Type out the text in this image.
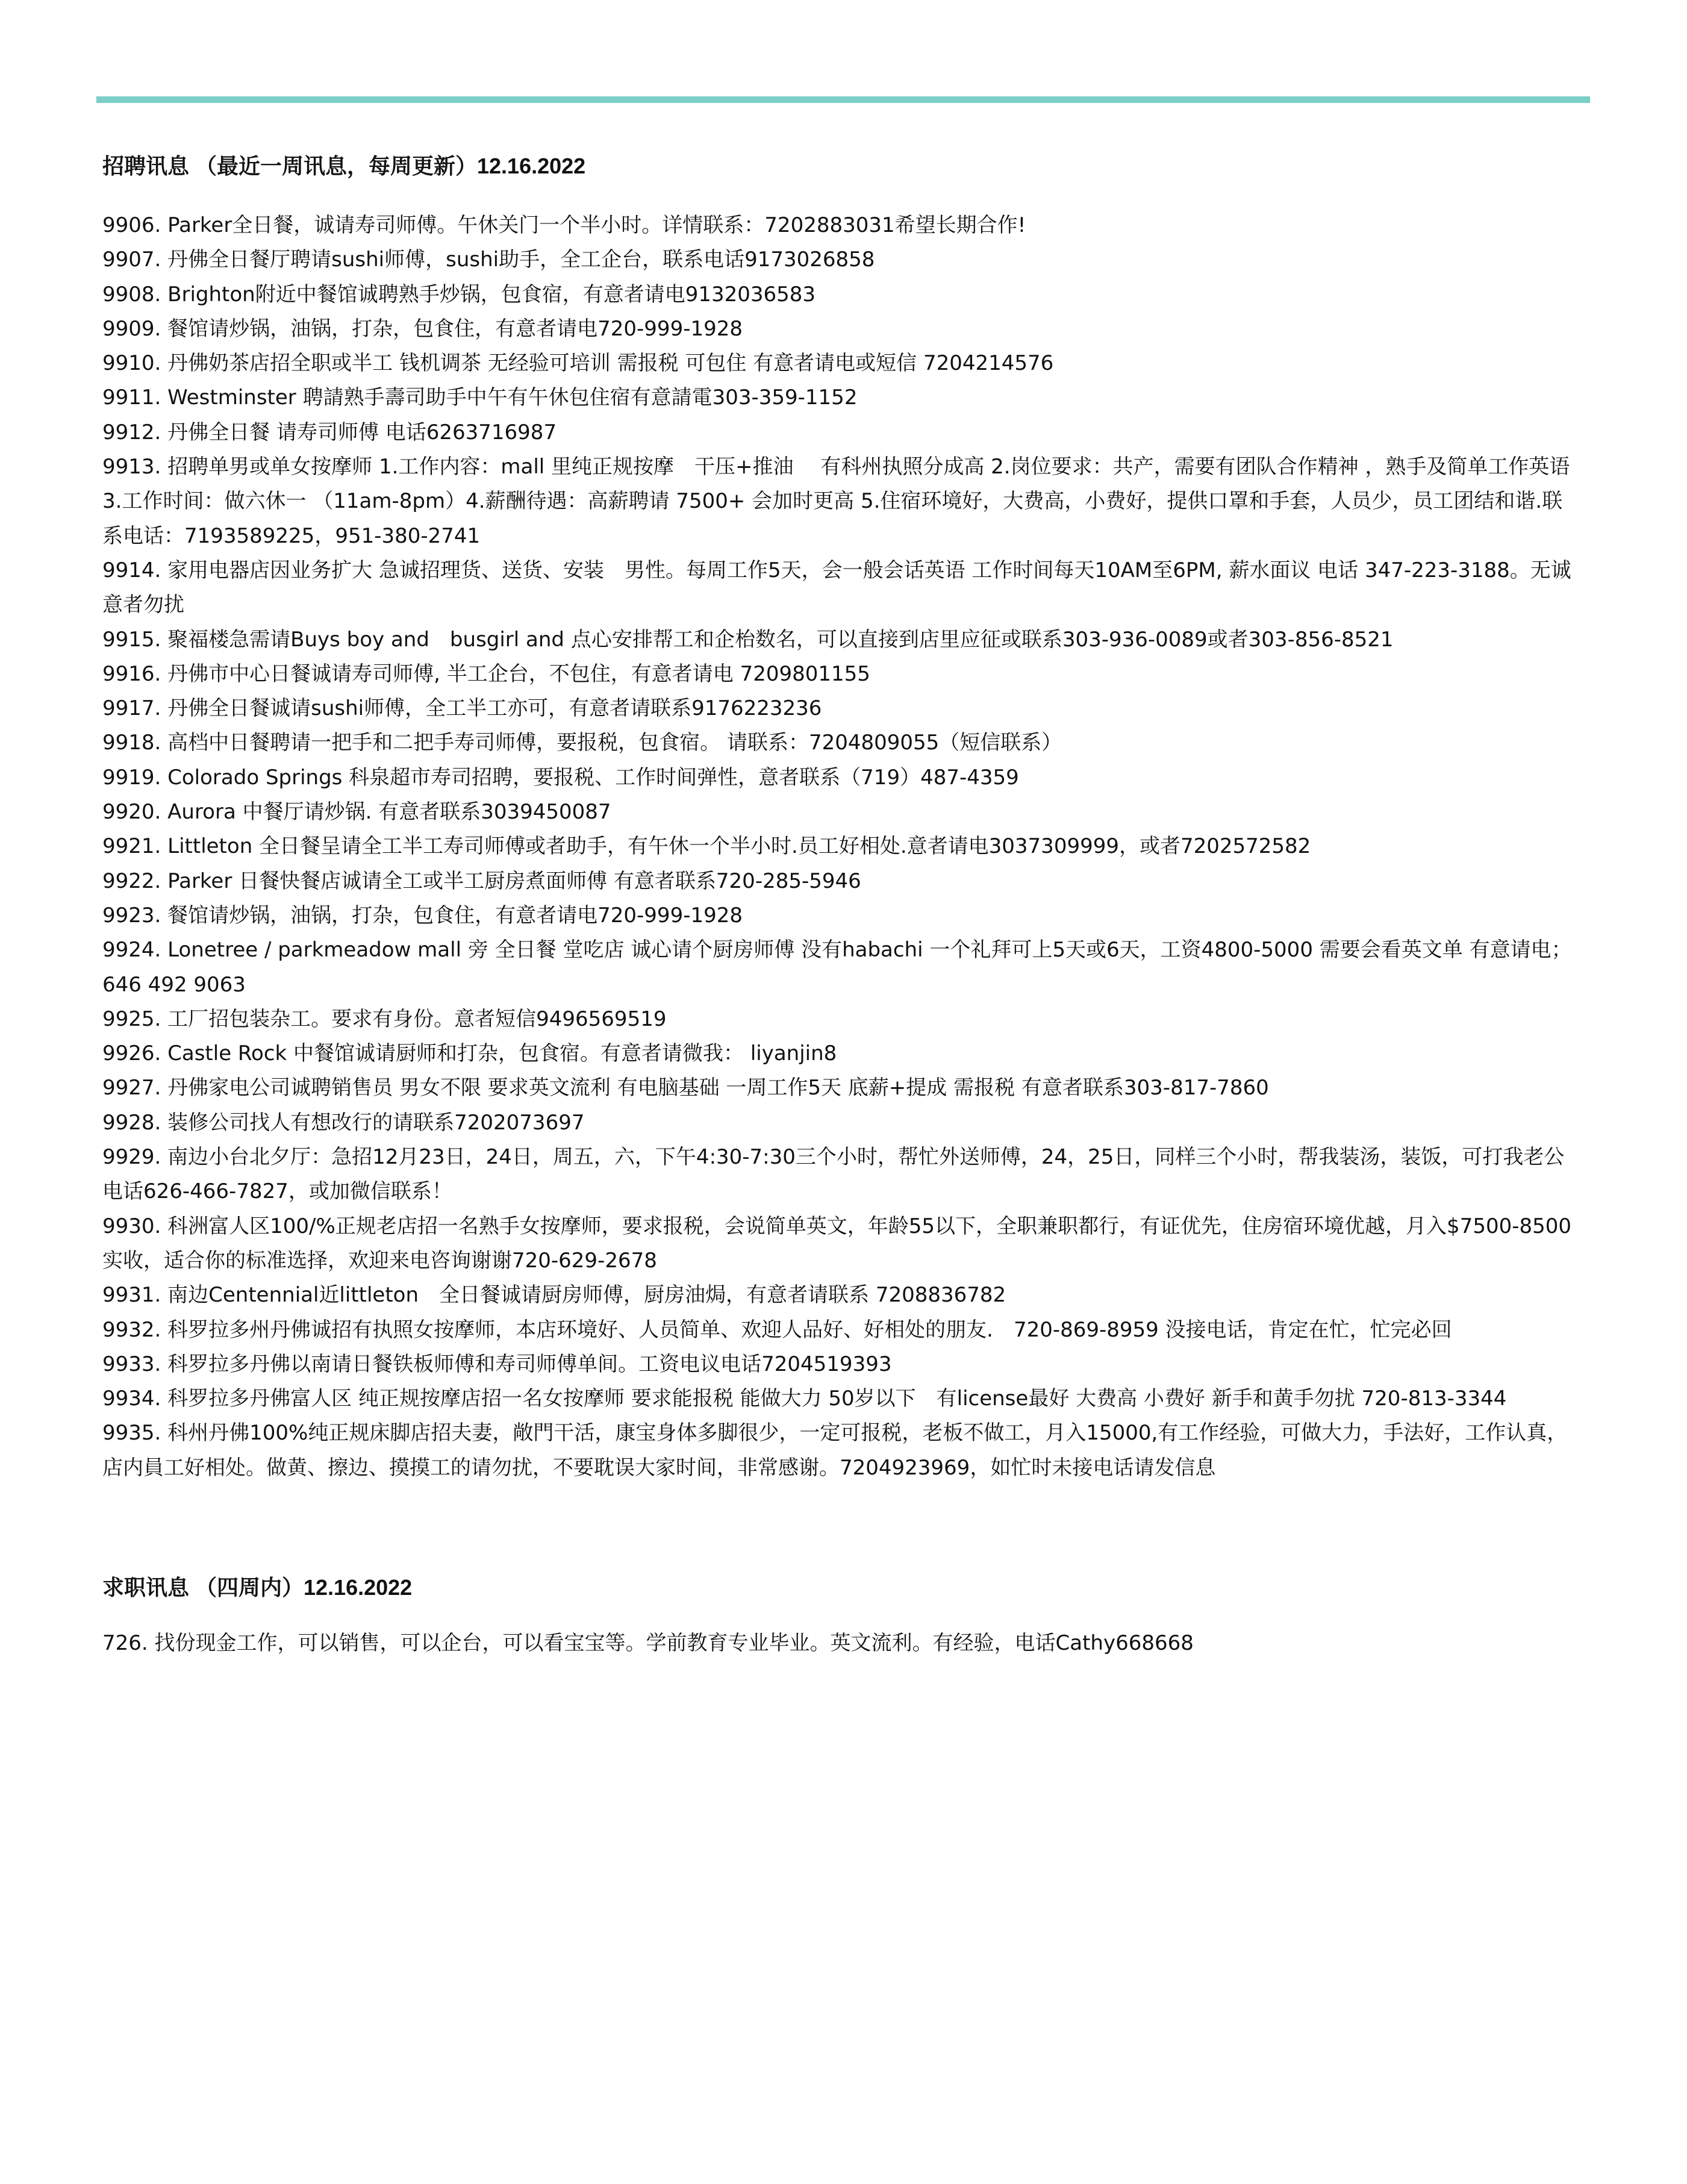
招聘讯息 （最近一周讯息，每周更新）12.16.2022

9906. Parker全日餐，诚请寿司师傅。午休关门一个半小时。详情联系：7202883031希望长期合作!

9907. 丹佛全日餐厅聘请sushi师傅，sushi助手，全工企台，联系电话9173026858

9908. Brighton附近中餐馆诚聘熟手炒锅，包食宿，有意者请电9132036583

9909. 餐馆请炒锅，油锅，打杂，包食住，有意者请电720-999-1928

9910. 丹佛奶茶店招全职或半工 钱机调茶 无经验可培训 需报税 可包住 有意者请电或短信 7204214576

9911. Westminster 聘請熟手壽司助手中午有午休包住宿有意請電303-359-1152

9912. 丹佛全日餐 请寿司师傅 电话6263716987

9913. 招聘单男或单女按摩师 1.工作内容：mall 里纯正规按摩　干压+推油　 有科州执照分成高 2.岗位要求：共产，需要有团队合作精神 ，熟手及简单工作英语3.工作时间：做六休一 （11am-8pm）4.薪酬待遇：高薪聘请 7500+ 会加时更高 5.住宿环境好，大费高，小费好，提供口罩和手套，人员少，员工团结和谐.联系电话：7193589225，951-380-2741

9914. 家用电器店因业务扩大 急诚招理货、送货、安装　男性。每周工作5天，会一般会话英语 工作时间每天10AM至6PM, 薪水面议 电话 347-223-3188。无诚意者勿扰

9915. 聚福楼急需请Buys boy and　busgirl and 点心安排帮工和企枱数名，可以直接到店里应征或联系303-936-0089或者303-856-8521

9916. 丹佛市中心日餐诚请寿司师傅, 半工企台，不包住，有意者请电 7209801155

9917. 丹佛全日餐诚请sushi师傅，全工半工亦可，有意者请联系9176223236

9918. 高档中日餐聘请一把手和二把手寿司师傅，要报税，包食宿。 请联系：7204809055（短信联系）

9919. Colorado Springs 科泉超市寿司招聘，要报税、工作时间弹性，意者联系（719）487-4359

9920. Aurora 中餐厅请炒锅. 有意者联系3039450087

9921. Littleton 全日餐呈请全工半工寿司师傅或者助手，有午休一个半小时.员工好相处.意者请电3037309999，或者7202572582

9922. Parker 日餐快餐店诚请全工或半工厨房煮面师傅 有意者联系720-285-5946

9923. 餐馆请炒锅，油锅，打杂，包食住，有意者请电720-999-1928

9924. Lonetree / parkmeadow mall 旁 全日餐 堂吃店 诚心请个厨房师傅 没有habachi 一个礼拜可上5天或6天，工资4800-5000 需要会看英文单 有意请电；646 492 9063

9925. 工厂招包装杂工。要求有身份。意者短信9496569519

9926. Castle Rock 中餐馆诚请厨师和打杂，包食宿。有意者请微我： liyanjin8

9927. 丹佛家电公司诚聘销售员 男女不限 要求英文流利 有电脑基础 一周工作5天 底薪+提成 需报税 有意者联系303-817-7860

9928. 装修公司找人有想改行的请联系7202073697

9929. 南边小台北夕厅：急招12月23日，24日，周五，六，下午4:30-7:30三个小时，帮忙外送师傅，24，25日，同样三个小时，帮我装汤，装饭，可打我老公电话626-466-7827，或加微信联系！

9930. 科洲富人区100/%正规老店招一名熟手女按摩师，要求报税，会说简单英文，年龄55以下，全职兼职都行，有证优先，住房宿环境优越，月入$7500-8500实收，适合你的标准选择，欢迎来电咨询谢谢720-629-2678

9931. 南边Centennial近littleton　全日餐诚请厨房师傅，厨房油焗，有意者请联系 7208836782

9932. 科罗拉多州丹佛诚招有执照女按摩师，本店环境好、人员简单、欢迎人品好、好相处的朋友.　720-869-8959 没接电话，肯定在忙，忙完必回

9933. 科罗拉多丹佛以南请日餐铁板师傅和寿司师傅单间。工资电议电话7204519393

9934. 科罗拉多丹佛富人区 纯正规按摩店招一名女按摩师 要求能报税 能做大力 50岁以下　有license最好 大费高 小费好 新手和黄手勿扰 720-813-3344

9935. 科州丹佛100%纯正规床脚店招夫妻，敞門干活，康宝身体多脚很少，一定可报税，老板不做工，月入15000,有工作经验，可做大力，手法好，工作认真，店内員工好相处。做黄、擦边、摸摸工的请勿扰，不要耽误大家时间，非常感谢。7204923969，如忙时未接电话请发信息

求职讯息 （四周内）12.16.2022

726. 找份现金工作，可以销售，可以企台，可以看宝宝等。学前教育专业毕业。英文流利。有经验，电话Cathy668668
